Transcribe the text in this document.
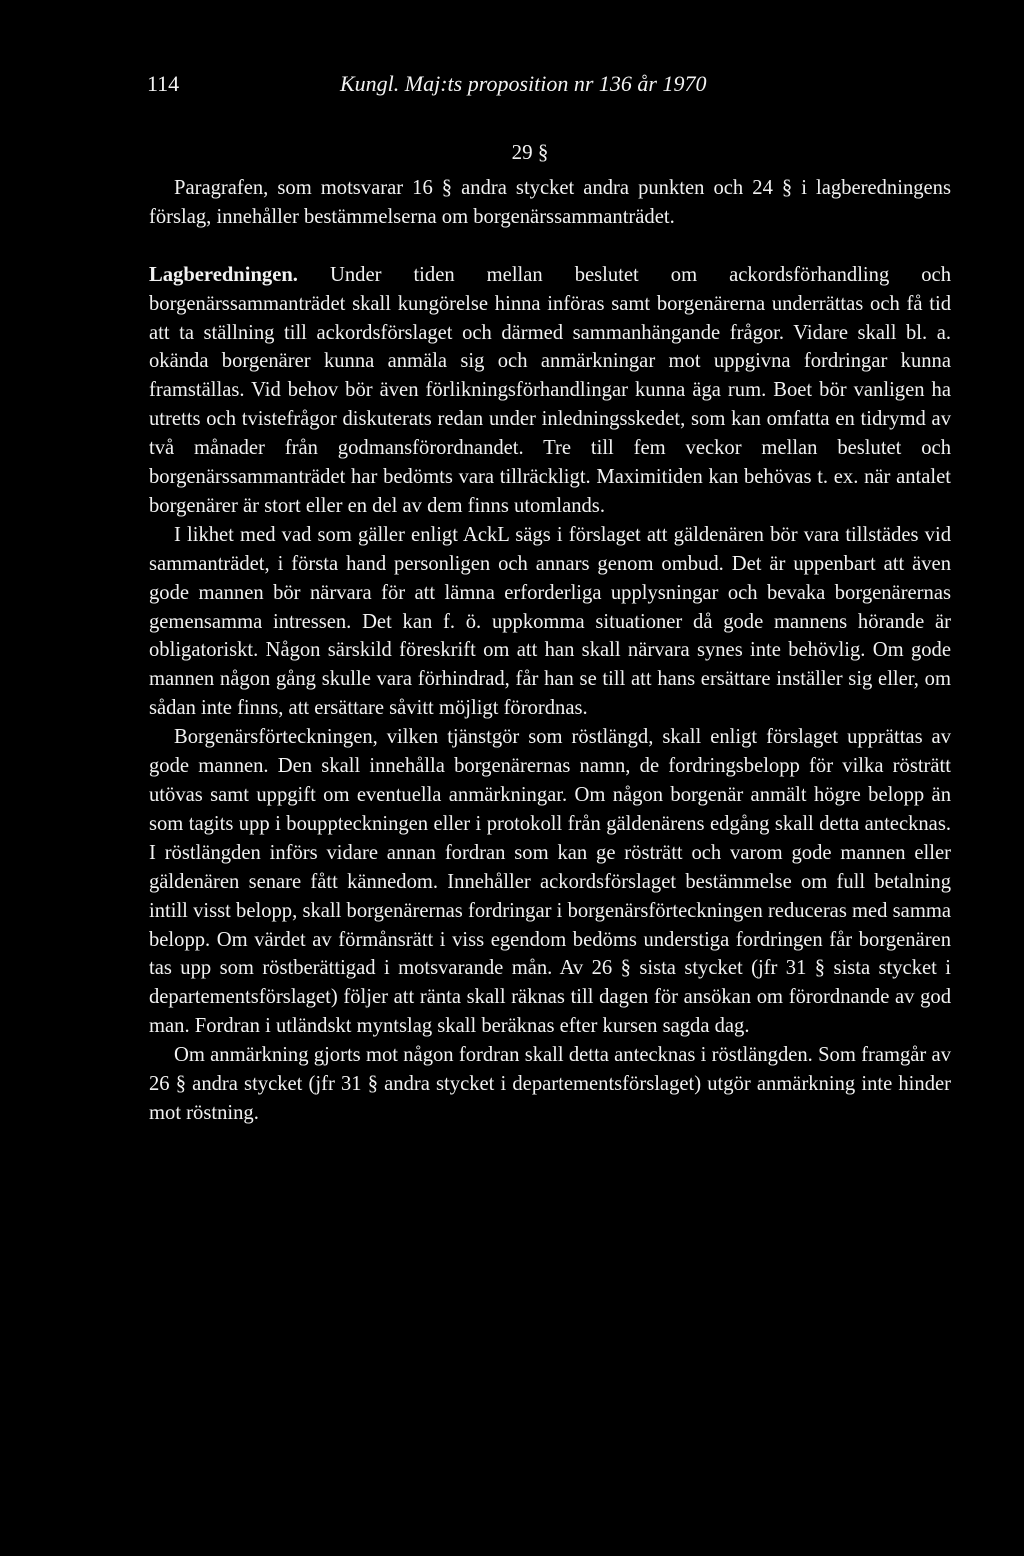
114	Kungl. Maj:ts proposition nr 136 år 1970
29 §

Paragrafen, som motsvarar 16 § andra stycket andra punkten och 24 § i lagberedningens förslag, innehåller bestämmelserna om borgenärssammanträdet.

Lagberedningen. Under tiden mellan beslutet om ackordsförhandling och borgenärssammanträdet skall kungörelse hinna införas samt borgenärerna underrättas och få tid att ta ställning till ackordsförslaget och därmed sammanhängande frågor. Vidare skall bl. a. okända borgenärer kunna anmäla sig och anmärkningar mot uppgivna fordringar kunna framställas. Vid behov bör även förlikningsförhandlingar kunna äga rum. Boet bör vanligen ha utretts och tvistefrågor diskuterats redan under inledningsskedet, som kan omfatta en tidrymd av två månader från godmansförordnandet. Tre till fem veckor mellan beslutet och borgenärssammanträdet har bedömts vara tillräckligt. Maximitiden kan behövas t. ex. när antalet borgenärer är stort eller en del av dem finns utomlands.

I likhet med vad som gäller enligt AckL sägs i förslaget att gäldenären bör vara tillstädes vid sammanträdet, i första hand personligen och annars genom ombud. Det är uppenbart att även gode mannen bör närvara för att lämna erforderliga upplysningar och bevaka borgenärernas gemensamma intressen. Det kan f. ö. uppkomma situationer då gode mannens hörande är obligatoriskt. Någon särskild föreskrift om att han skall närvara synes inte behövlig. Om gode mannen någon gång skulle vara förhindrad, får han se till att hans ersättare inställer sig eller, om sådan inte finns, att ersättare såvitt möjligt förordnas.

Borgenärsförteckningen, vilken tjänstgör som röstlängd, skall enligt förslaget upprättas av gode mannen. Den skall innehålla borgenärernas namn, de fordringsbelopp för vilka rösträtt utövas samt uppgift om eventuella anmärkningar. Om någon borgenär anmält högre belopp än som tagits upp i bouppteckningen eller i protokoll från gäldenärens edgång skall detta antecknas. I röstlängden införs vidare annan fordran som kan ge rösträtt och varom gode mannen eller gäldenären senare fått kännedom. Innehåller ackordsförslaget bestämmelse om full betalning intill visst belopp, skall borgenärernas fordringar i borgenärsförteckningen reduceras med samma belopp. Om värdet av förmånsrätt i viss egendom bedöms understiga fordringen får borgenären tas upp som röstberättigad i motsvarande mån. Av 26 § sista stycket (jfr 31 § sista stycket i departementsförslaget) följer att ränta skall räknas till dagen för ansökan om förordnande av god man. Fordran i utländskt myntslag skall beräknas efter kursen sagda dag.

Om anmärkning gjorts mot någon fordran skall detta antecknas i röstlängden. Som framgår av 26 § andra stycket (jfr 31 § andra stycket i departementsförslaget) utgör anmärkning inte hinder mot röstning.
